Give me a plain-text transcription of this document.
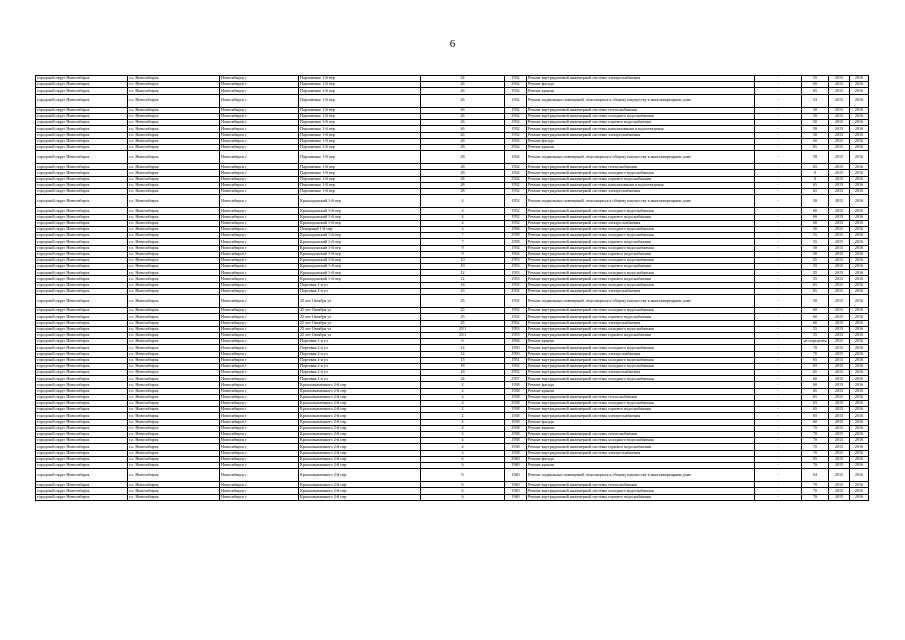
6
городской округ Новосибирск	г.о. Новосибирск	Новосибирск г	Пархоменко 1-й пер	24	1932	Ремонт внутридомовой инженерной системы электроснабжения	-	55	2015	2016
городской округ Новосибирск	г.о. Новосибирск	Новосибирск г	Пархоменко 1-й пер	26	1932	Ремонт фасада	-	60	2015	2016
городской округ Новосибирск	г.о. Новосибирск	Новосибирск г	Пархоменко 1-й пер	26	1932	Ремонт крыши	-	65	2015	2016
городской округ Новосибирск	г.о. Новосибирск	Новосибирск г	Пархоменко 1-й пер	26	1932	Ремонт подвальных помещений, относящихся к общему имуществу в многоквартирном доме	-	53	2015	2016
городской округ Новосибирск	г.о. Новосибирск	Новосибирск г	Пархоменко 1-й пер	26	1932	Ремонт внутридомовой инженерной системы теплоснабжения	-	50	2015	2016
городской округ Новосибирск	г.о. Новосибирск	Новосибирск г	Пархоменко 1-й пер	26	1932	Ремонт внутридомовой инженерной системы холодного водоснабжения	-	50	2015	2016
городской округ Новосибирск	г.о. Новосибирск	Новосибирск г	Пархоменко 1-й пер	26	1932	Ремонт внутридомовой инженерной системы горячего водоснабжения	-	50	2015	2016
городской округ Новосибирск	г.о. Новосибирск	Новосибирск г	Пархоменко 1-й пер	26	1932	Ремонт внутридомовой инженерной системы канализования и водоотведения	-	50	2015	2016
городской округ Новосибирск	г.о. Новосибирск	Новосибирск г	Пархоменко 1-й пер	26	1932	Ремонт внутридомовой инженерной системы электроснабжения	-	50	2015	2016
городской округ Новосибирск	г.о. Новосибирск	Новосибирск г	Пархоменко 1-й пер	28	1932	Ремонт фасада	-	60	2015	2016
городской округ Новосибирск	г.о. Новосибирск	Новосибирск г	Пархоменко 1-й пер	28	1932	Ремонт крыши	-	65	2015	2016
городской округ Новосибирск	г.о. Новосибирск	Новосибирск г	Пархоменко 1-й пер	28	1932	Ремонт подвальных помещений, относящихся к общему имуществу в многоквартирном доме	-	58	2015	2016
городской округ Новосибирск	г.о. Новосибирск	Новосибирск г	Пархоменко 1-й пер	28	1932	Ремонт внутридомовой инженерной системы теплоснабжения	-	65	2015	2016
городской округ Новосибирск	г.о. Новосибирск	Новосибирск г	Пархоменко 1-й пер	28	1932	Ремонт внутридомовой инженерной системы холодного водоснабжения	-	0	2015	2016
городской округ Новосибирск	г.о. Новосибирск	Новосибирск г	Пархоменко 1-й пер	28	1932	Ремонт внутридомовой инженерной системы горячего водоснабжения	-	0	2015	2016
городской округ Новосибирск	г.о. Новосибирск	Новосибирск г	Пархоменко 1-й пер	28	1932	Ремонт внутридомовой инженерной системы канализования и водоотведения	-	65	2015	2016
городской округ Новосибирск	г.о. Новосибирск	Новосибирск г	Пархоменко 1-й пер	28	1932	Ремонт внутридомовой инженерной системы электроснабжения	-	65	2015	2016
городской округ Новосибирск	г.о. Новосибирск	Новосибирск г	Краснодонский 1-й пер	4	1952	Ремонт подвальных помещений, относящихся к общему имуществу в многоквартирном доме	-	50	2015	2016
городской округ Новосибирск	г.о. Новосибирск	Новосибирск г	Краснодонский 1-й пер	4	1952	Ремонт внутридомовой инженерной системы холодного водоснабжения	-	60	2015	2016
городской округ Новосибирск	г.о. Новосибирск	Новосибирск г	Краснодонский 1-й пер	4	1952	Ремонт внутридомовой инженерной системы горячего водоснабжения	-	60	2015	2016
городской округ Новосибирск	г.о. Новосибирск	Новосибирск г	Краснодонский 1-й пер	4	1952	Ремонт внутридомовой инженерной системы электроснабжения	-	60	2015	2016
городской округ Новосибирск	г.о. Новосибирск	Новосибирск г	Пожарный 1-й пер	4	1956	Ремонт внутридомовой инженерной системы холодного водоснабжения	-	50	2015	2016
городской округ Новосибирск	г.о. Новосибирск	Новосибирск г	Краснодонский 1-й пер	7	1958	Ремонт внутридомовой инженерной системы холодного водоснабжения	-	55	2015	2016
городской округ Новосибирск	г.о. Новосибирск	Новосибирск г	Краснодонский 1-й пер	7	1958	Ремонт внутридомовой инженерной системы горячего водоснабжения	-	55	2015	2016
городской округ Новосибирск	г.о. Новосибирск	Новосибирск г	Краснодонский 1-й пер	9	1954	Ремонт внутридомовой инженерной системы холодного водоснабжения	-	50	2015	2016
городской округ Новосибирск	г.о. Новосибирск	Новосибирск г	Краснодонский 1-й пер	9	1954	Ремонт внутридомовой инженерной системы горячего водоснабжения	-	50	2015	2016
городской округ Новосибирск	г.о. Новосибирск	Новосибирск г	Краснодонский 1-й пер	10	1953	Ремонт внутридомовой инженерной системы холодного водоснабжения	-	55	2015	2016
городской округ Новосибирск	г.о. Новосибирск	Новосибирск г	Краснодонский 1-й пер	10	1953	Ремонт внутридомовой инженерной системы горячего водоснабжения	-	55	2015	2016
городской округ Новосибирск	г.о. Новосибирск	Новосибирск г	Краснодонский 1-й пер	12	1953	Ремонт внутридомовой инженерной системы холодного водоснабжения	-	55	2015	2016
городской округ Новосибирск	г.о. Новосибирск	Новосибирск г	Краснодонский 1-й пер	12	1953	Ремонт внутридомовой инженерной системы горячего водоснабжения	-	55	2015	2016
городской округ Новосибирск	г.о. Новосибирск	Новосибирск г	Портовая 2-я ул	16	1952	Ремонт внутридомовой инженерной системы холодного водоснабжения	-	65	2015	2016
городской округ Новосибирск	г.о. Новосибирск	Новосибирск г	Портовая 2-я ул	16	1952	Ремонт внутридомовой инженерной системы электроснабжения	-	65	2015	2016
городской округ Новосибирск	г.о. Новосибирск	Новосибирск г	25 лет Октября ул	25	1952	Ремонт подвальных помещений, относящихся к общему имуществу в многоквартирном доме	-	50	2015	2016
городской округ Новосибирск	г.о. Новосибирск	Новосибирск г	25 лет Октября ул	25	1952	Ремонт внутридомовой инженерной системы холодного водоснабжения	-	60	2015	2016
городской округ Новосибирск	г.о. Новосибирск	Новосибирск г	25 лет Октября ул	25	1952	Ремонт внутридомовой инженерной системы горячего водоснабжения	-	60	2015	2016
городской округ Новосибирск	г.о. Новосибирск	Новосибирск г	25 лет Октября ул	25	1952	Ремонт внутридомовой инженерной системы электроснабжения	-	60	2015	2016
городской округ Новосибирск	г.о. Новосибирск	Новосибирск г	25 лет Октября ул	25/1	1953	Ремонт внутридомовой инженерной системы холодного водоснабжения	-	55	2015	2016
городской округ Новосибирск	г.о. Новосибирск	Новосибирск г	25 лет Октября ул	25/1	1953	Ремонт внутридомовой инженерной системы горячего водоснабжения	-	55	2015	2016
городской округ Новосибирск	г.о. Новосибирск	Новосибирск г	Портовая 2-я ул	6	1994	Ремонт крыши	-	не определен	2015	2016
городской округ Новосибирск	г.о. Новосибирск	Новосибирск г	Портовая 2-я ул	14	1950	Ремонт внутридомовой инженерной системы холодного водоснабжения	-	70	2015	2016
городской округ Новосибирск	г.о. Новосибирск	Новосибирск г	Портовая 2-я ул	14	1950	Ремонт внутридомовой инженерной системы электроснабжения	-	70	2015	2016
городской округ Новосибирск	г.о. Новосибирск	Новосибирск г	Портовая 2-я ул	15	1951	Ремонт внутридомовой инженерной системы холодного водоснабжения	-	65	2015	2016
городской округ Новосибирск	г.о. Новосибирск	Новосибирск г	Портовая 2-я ул	18	1952	Ремонт внутридомовой инженерной системы холодного водоснабжения	-	65	2015	2016
городской округ Новосибирск	г.о. Новосибирск	Новосибирск г	Портовая 2-я ул	18	1952	Ремонт внутридомовой инженерной системы электроснабжения	-	65	2015	2016
городской округ Новосибирск	г.о. Новосибирск	Новосибирск г	Портовая 2-я ул	24	1957	Ремонт внутридомовой инженерной системы холодного водоснабжения	-	60	2015	2016
городской округ Новосибирск	г.о. Новосибирск	Новосибирск г	Краснознаменного 2-й пер	2	1938	Ремонт фасада	-	60	2015	2016
городской округ Новосибирск	г.о. Новосибирск	Новосибирск г	Краснознаменного 2-й пер	2	1938	Ремонт крыши	-	65	2015	2016
городской округ Новосибирск	г.о. Новосибирск	Новосибирск г	Краснознаменного 2-й пер	2	1938	Ремонт внутридомовой инженерной системы теплоснабжения	-	65	2015	2016
городской округ Новосибирск	г.о. Новосибирск	Новосибирск г	Краснознаменного 2-й пер	2	1938	Ремонт внутридомовой инженерной системы холодного водоснабжения	-	65	2015	2016
городской округ Новосибирск	г.о. Новосибирск	Новосибирск г	Краснознаменного 2-й пер	2	1938	Ремонт внутридомовой инженерной системы горячего водоснабжения	-	65	2015	2016
городской округ Новосибирск	г.о. Новосибирск	Новосибирск г	Краснознаменного 2-й пер	2	1938	Ремонт внутридомовой инженерной системы электроснабжения	-	65	2015	2016
городской округ Новосибирск	г.о. Новосибирск	Новосибирск г	Краснознаменного 2-й пер	4	1938	Ремонт фасада	-	60	2015	2016
городской округ Новосибирск	г.о. Новосибирск	Новосибирск г	Краснознаменного 2-й пер	4	1938	Ремонт крыши	-	70	2015	2016
городской округ Новосибирск	г.о. Новосибирск	Новосибирск г	Краснознаменного 2-й пер	4	1938	Ремонт внутридомовой инженерной системы теплоснабжения	-	70	2015	2016
городской округ Новосибирск	г.о. Новосибирск	Новосибирск г	Краснознаменного 2-й пер	4	1938	Ремонт внутридомовой инженерной системы холодного водоснабжения	-	70	2015	2016
городской округ Новосибирск	г.о. Новосибирск	Новосибирск г	Краснознаменного 2-й пер	4	1938	Ремонт внутридомовой инженерной системы горячего водоснабжения	-	70	2015	2016
городской округ Новосибирск	г.о. Новосибирск	Новосибирск г	Краснознаменного 2-й пер	4	1938	Ремонт внутридомовой инженерной системы электроснабжения	-	70	2015	2016
городской округ Новосибирск	г.о. Новосибирск	Новосибирск г	Краснознаменного 2-й пер	6	1940	Ремонт фасада	-	65	2015	2016
городской округ Новосибирск	г.о. Новосибирск	Новосибирск г	Краснознаменного 2-й пер	6	1940	Ремонт крыши	-	70	2015	2016
городской округ Новосибирск	г.о. Новосибирск	Новосибирск г	Краснознаменного 2-й пер	6	1940	Ремонт подвальных помещений, относящихся к общему имуществу в многоквартирном доме	-	64	2015	2016
городской округ Новосибирск	г.о. Новосибирск	Новосибирск г	Краснознаменного 2-й пер	6	1940	Ремонт внутридомовой инженерной системы теплоснабжения	-	70	2015	2016
городской округ Новосибирск	г.о. Новосибирск	Новосибирск г	Краснознаменного 2-й пер	6	1940	Ремонт внутридомовой инженерной системы холодного водоснабжения	-	70	2015	2016
городской округ Новосибирск	г.о. Новосибирск	Новосибирск г	Краснознаменного 2-й пер	6	1940	Ремонт внутридомовой инженерной системы горячего водоснабжения	-	70	2015	2016
